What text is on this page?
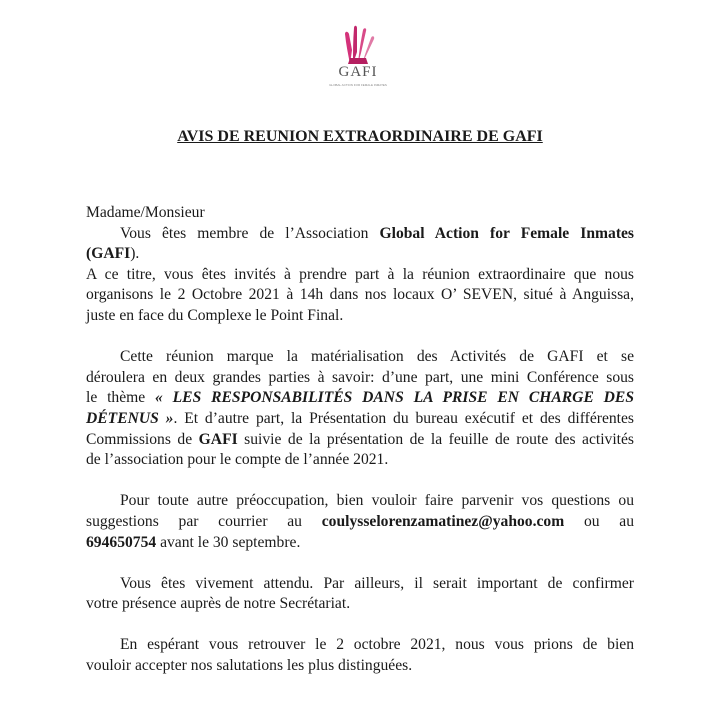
GAFI
GLOBAL ACTION FOR FEMALE INMATES
AVIS DE REUNION EXTRAORDINAIRE DE GAFI
Madame/Monsieur
Vous êtes membre de l’Association Global Action for Female Inmates
(GAFI).
A ce titre, vous êtes invités à prendre part à la réunion extraordinaire que nous
organisons le 2 Octobre 2021 à 14h dans nos locaux O’ SEVEN, situé à Anguissa,
juste en face du Complexe le Point Final.
Cette réunion marque la matérialisation des Activités de GAFI et se
déroulera en deux grandes parties à savoir: d’une part, une mini Conférence sous
le thème « LES RESPONSABILITÉS DANS LA PRISE EN CHARGE DES
DÉTENUS ». Et d’autre part, la Présentation du bureau exécutif et des différentes
Commissions de GAFI suivie de la présentation de la feuille de route des activités
de l’association pour le compte de l’année 2021.
Pour toute autre préoccupation, bien vouloir faire parvenir vos questions ou
suggestions par courrier au coulysselorenzamatinez@yahoo.com ou au
694650754 avant le 30 septembre.
Vous êtes vivement attendu. Par ailleurs, il serait important de confirmer
votre présence auprès de notre Secrétariat.
En espérant vous retrouver le 2 octobre 2021, nous vous prions de bien
vouloir accepter nos salutations les plus distinguées.
